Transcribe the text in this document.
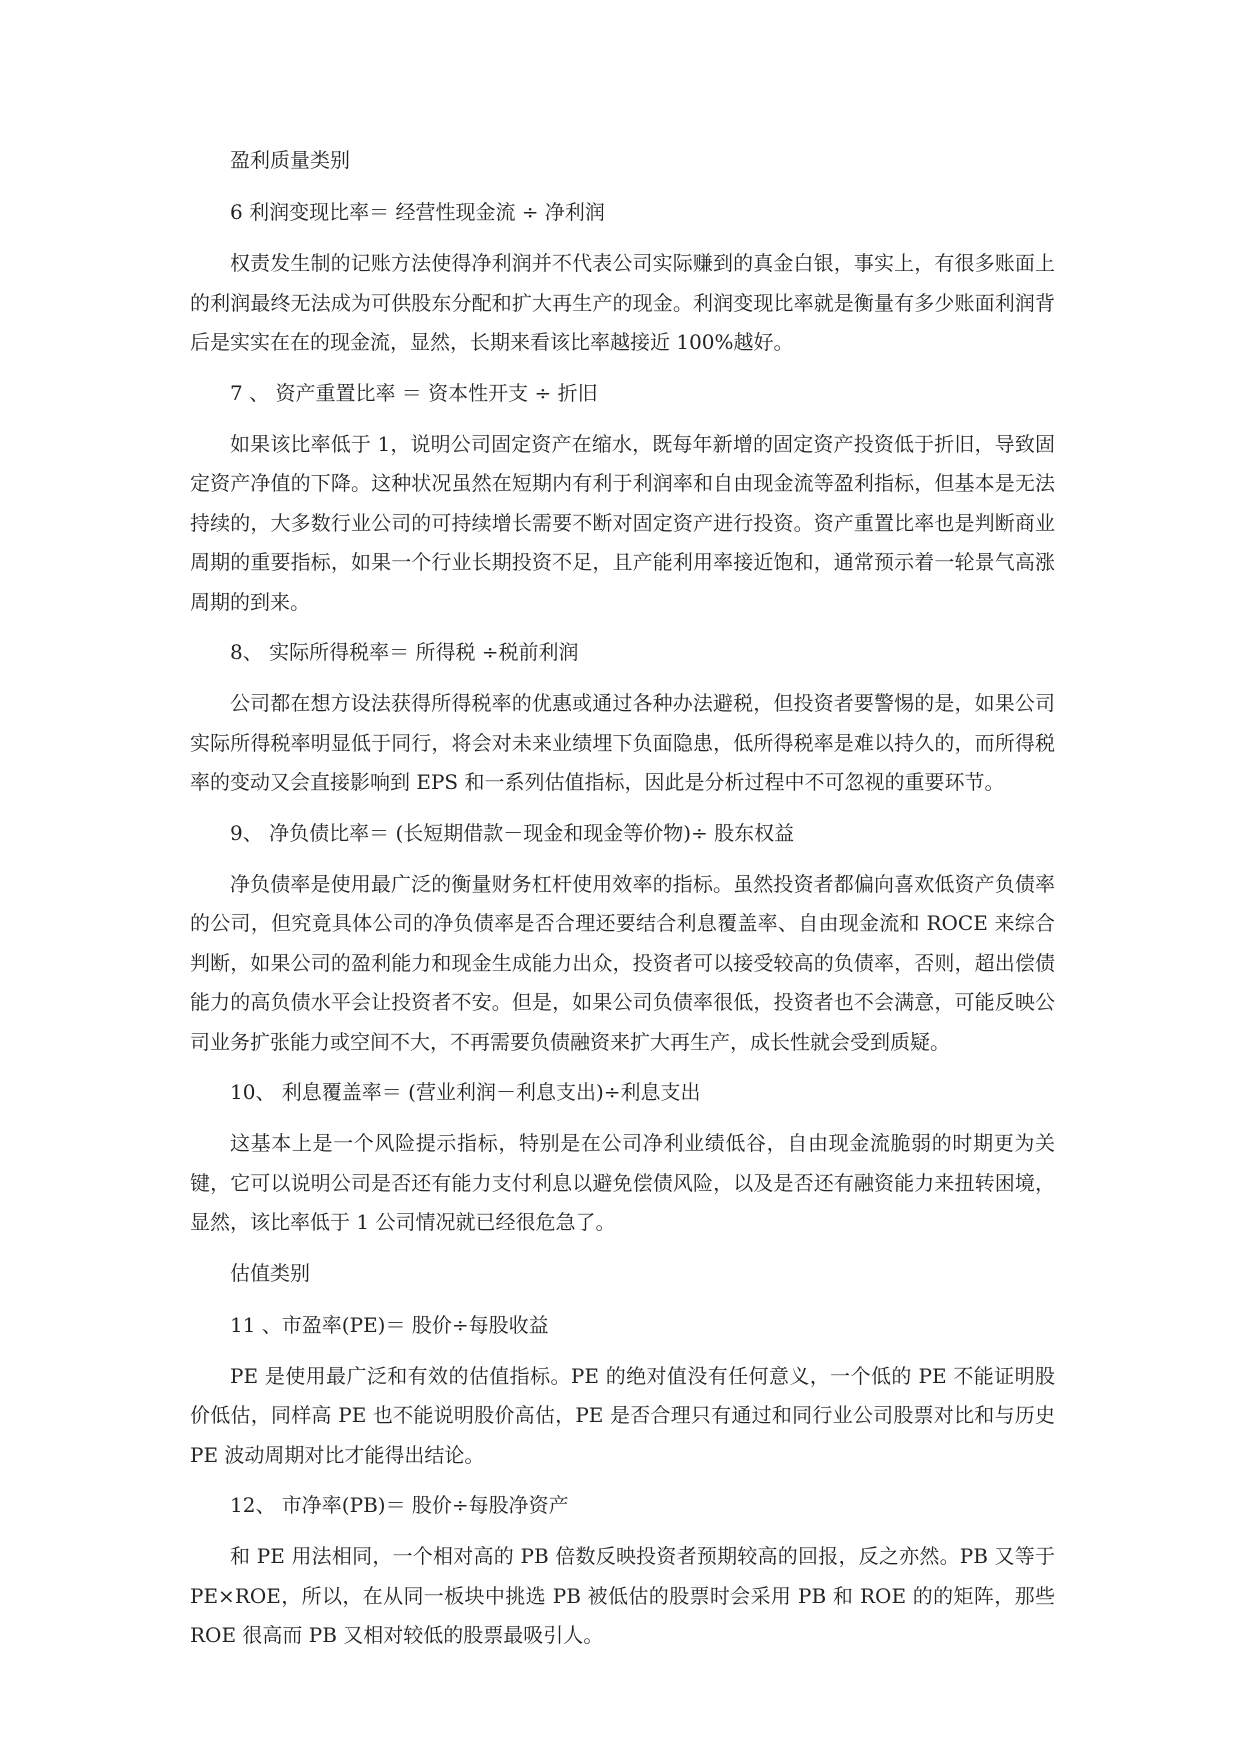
盈利质量类别

6 利润变现比率＝ 经营性现金流 ÷ 净利润

权责发生制的记账方法使得净利润并不代表公司实际赚到的真金白银，事实上，有很多账面上的利润最终无法成为可供股东分配和扩大再生产的现金。利润变现比率就是衡量有多少账面利润背后是实实在在的现金流，显然，长期来看该比率越接近 100%越好。

7 、 资产重置比率 ＝ 资本性开支 ÷ 折旧

如果该比率低于 1，说明公司固定资产在缩水，既每年新增的固定资产投资低于折旧，导致固定资产净值的下降。这种状况虽然在短期内有利于利润率和自由现金流等盈利指标，但基本是无法持续的，大多数行业公司的可持续增长需要不断对固定资产进行投资。资产重置比率也是判断商业周期的重要指标，如果一个行业长期投资不足，且产能利用率接近饱和，通常预示着一轮景气高涨周期的到来。

8、 实际所得税率＝ 所得税 ÷税前利润

公司都在想方设法获得所得税率的优惠或通过各种办法避税，但投资者要警惕的是，如果公司实际所得税率明显低于同行，将会对未来业绩埋下负面隐患，低所得税率是难以持久的，而所得税率的变动又会直接影响到 EPS 和一系列估值指标，因此是分析过程中不可忽视的重要环节。

9、 净负债比率＝ (长短期借款－现金和现金等价物)÷ 股东权益

净负债率是使用最广泛的衡量财务杠杆使用效率的指标。虽然投资者都偏向喜欢低资产负债率的公司，但究竟具体公司的净负债率是否合理还要结合利息覆盖率、自由现金流和 ROCE 来综合判断，如果公司的盈利能力和现金生成能力出众，投资者可以接受较高的负债率，否则，超出偿债能力的高负债水平会让投资者不安。但是，如果公司负债率很低，投资者也不会满意，可能反映公司业务扩张能力或空间不大，不再需要负债融资来扩大再生产，成长性就会受到质疑。

10、 利息覆盖率＝ (营业利润－利息支出)÷利息支出

这基本上是一个风险提示指标，特别是在公司净利业绩低谷，自由现金流脆弱的时期更为关键，它可以说明公司是否还有能力支付利息以避免偿债风险，以及是否还有融资能力来扭转困境，显然，该比率低于 1 公司情况就已经很危急了。

估值类别

11 、市盈率(PE)＝ 股价÷每股收益

PE 是使用最广泛和有效的估值指标。PE 的绝对值没有任何意义，一个低的 PE 不能证明股价低估，同样高 PE 也不能说明股价高估，PE 是否合理只有通过和同行业公司股票对比和与历史 PE 波动周期对比才能得出结论。

12、 市净率(PB)＝ 股价÷每股净资产

和 PE 用法相同，一个相对高的 PB 倍数反映投资者预期较高的回报，反之亦然。PB 又等于 PE×ROE，所以，在从同一板块中挑选 PB 被低估的股票时会采用 PB 和 ROE 的的矩阵，那些 ROE 很高而 PB 又相对较低的股票最吸引人。
